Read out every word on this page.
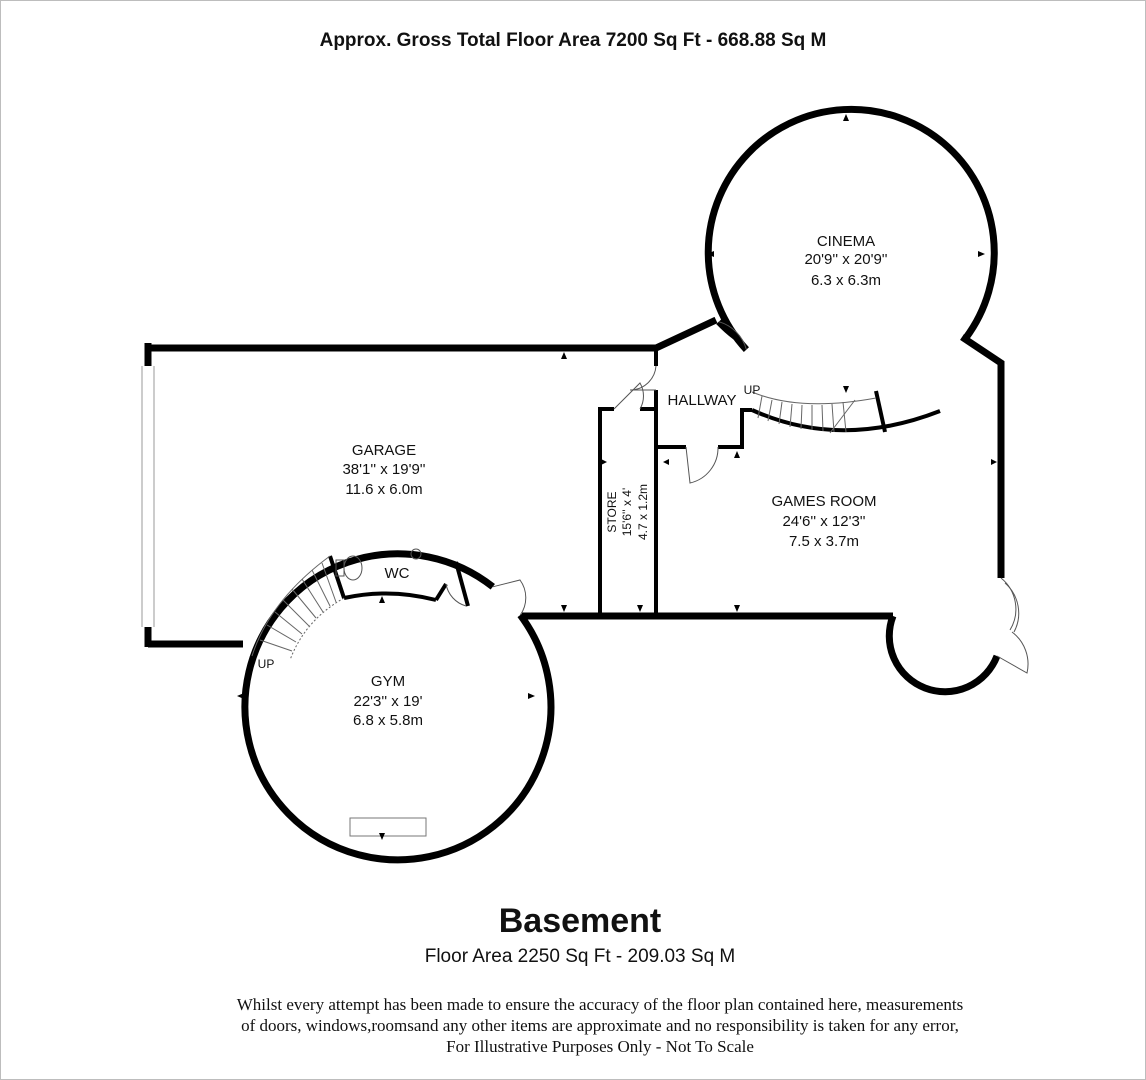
Approx. Gross Total Floor Area 7200 Sq Ft - 668.88 Sq M
CINEMA
20'9'' x 20'9''
6.3 x 6.3m
GARAGE
38'1'' x 19'9''
11.6 x 6.0m
GAMES ROOM
24'6'' x 12'3''
7.5 x 3.7m
GYM
22'3'' x 19'
6.8 x 5.8m
STORE 15'6'' x 4' 4.7 x 1.2m
HALLWAY
WC
UP
UP
Basement
Floor Area 2250 Sq Ft - 209.03 Sq M
Whilst every attempt has been made to ensure the accuracy of the floor plan contained here, measurements
of doors, windows,roomsand any other items are approximate and no responsibility is taken for any error,
For Illustrative Purposes Only - Not To Scale
